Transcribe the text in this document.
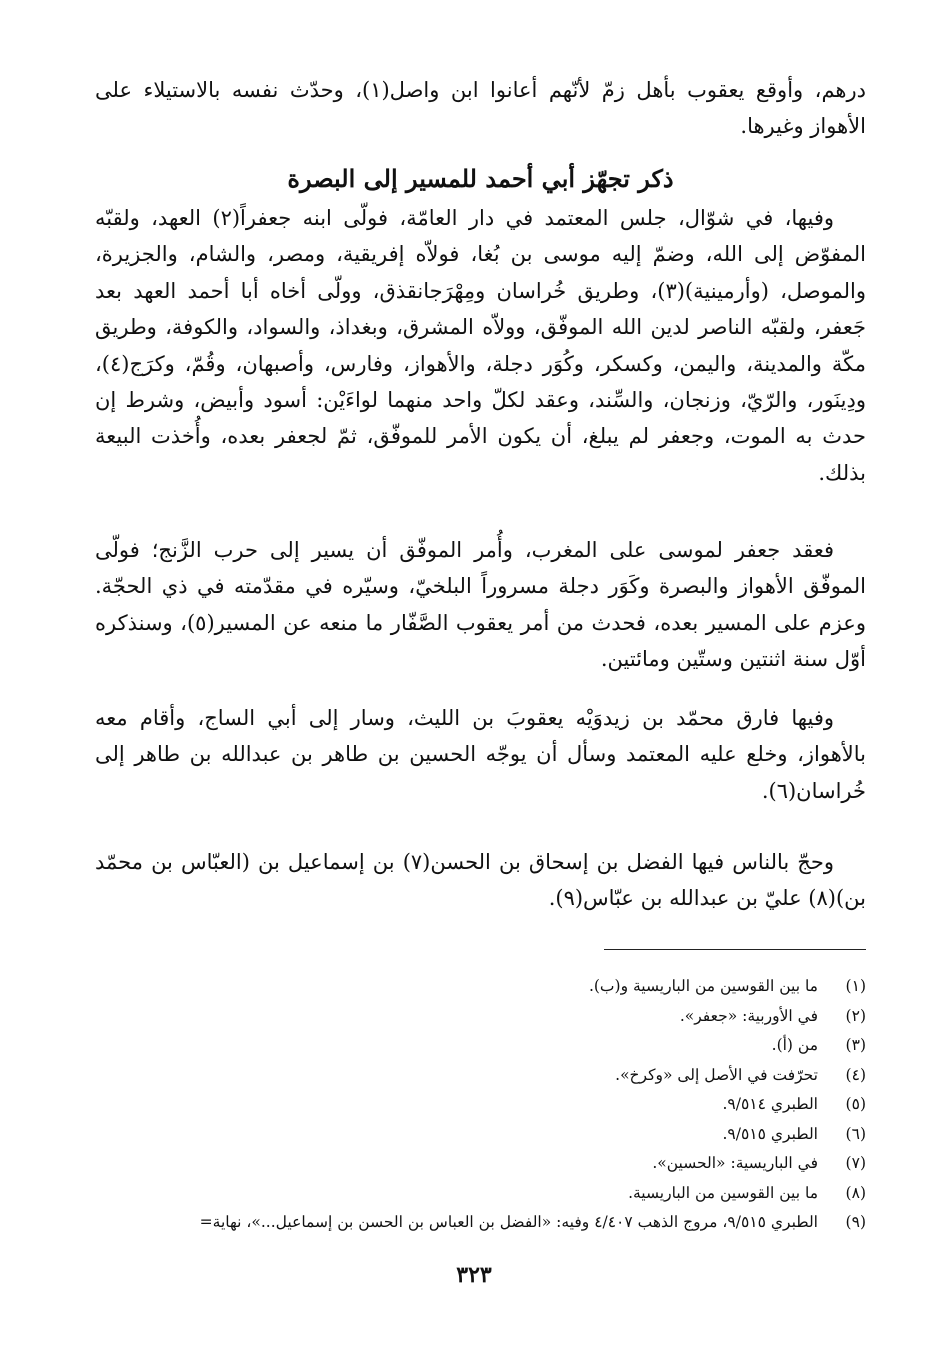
درهم، وأوقع يعقوب بأهل زمّ لأنّهم أعانوا ابن واصل(١)، وحدّث نفسه بالاستيلاء على الأهواز وغيرها.

ذكر تجهّز أبي أحمد للمسير إلى البصرة

وفيها، في شوّال، جلس المعتمد في دار العامّة، فولّى ابنه جعفراً(٢) العهد، ولقبّه المفوّض إلى الله، وضمّ إليه موسى بن بُغا، فولاّه إفريقية، ومصر، والشام، والجزيرة، والموصل، (وأرمينية)(٣)، وطريق خُراسان ومِهْرَجانقذق، وولّى أخاه أبا أحمد العهد بعد جَعفر، ولقبّه الناصر لدين الله الموفّق، وولاّه المشرق، وبغداذ، والسواد، والكوفة، وطريق مكّة والمدينة، واليمن، وكسكر، وكُوَر دجلة، والأهواز، وفارس، وأصبهان، وقُمّ، وكرَج(٤)، ودِينَور، والرّيّ، وزنجان، والسِّند، وعقد لكلّ واحد منهما لواءَيْن: أسود وأبيض، وشرط إن حدث به الموت، وجعفر لم يبلغ، أن يكون الأمر للموفّق، ثمّ لجعفر بعده، وأُخذت البيعة بذلك.

فعقد جعفر لموسى على المغرب، وأُمر الموفّق أن يسير إلى حرب الزَّنج؛ فولّى الموفّق الأهواز والبصرة وكَوَر دجلة مسروراً البلخيّ، وسيّره في مقدّمته في ذي الحجّة. وعزم على المسير بعده، فحدث من أمر يعقوب الصَّفّار ما منعه عن المسير(٥)، وسنذكره أوّل سنة اثنتين وستّين ومائتين.

وفيها فارق محمّد بن زيدوَيْه يعقوبَ بن الليث، وسار إلى أبي الساج، وأقام معه بالأهواز، وخلع عليه المعتمد وسأل أن يوجّه الحسين بن طاهر بن عبدالله بن طاهر إلى خُراسان(٦).

وحجّ بالناس فيها الفضل بن إسحاق بن الحسن(٧) بن إسماعيل بن (العبّاس بن محمّد بن)(٨) عليّ بن عبدالله بن عبّاس(٩).

(١)
ما بين القوسين من الباريسية و(ب).
(٢)
في الأوربية: «جعفر».
(٣)
من (أ).
(٤)
تحرّفت في الأصل إلى «وكرخ».
(٥)
الطبري ٩/٥١٤.
(٦)
الطبري ٩/٥١٥.
(٧)
في الباريسية: «الحسين».
(٨)
ما بين القوسين من الباريسية.
(٩)
الطبري ٩/٥١٥، مروج الذهب ٤/٤٠٧ وفيه: «الفضل بن العباس بن الحسن بن إسماعيل...»، نهاية=
٣٢٣
